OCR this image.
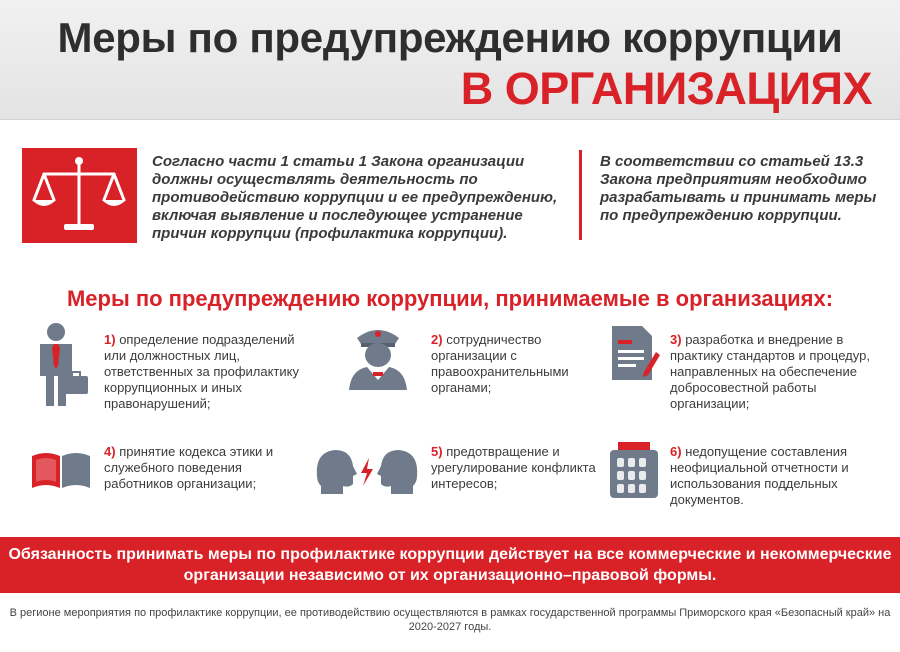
Меры по предупреждению коррупции
В ОРГАНИЗАЦИЯХ
Согласно части 1 статьи 1 Закона организации должны осуществлять деятельность по противодействию коррупции и ее предупреждению, включая выявление и последующее устранение причин коррупции (профилактика коррупции).
В соответствии со статьей 13.3 Закона предприятиям необходимо разрабатывать и принимать меры по предупреждению коррупции.
Меры по предупреждению коррупции, принимаемые в организациях:
1) определение подразделений или должностных лиц, ответственных за профилактику коррупционных и иных правонарушений;
2) сотрудничество организации с правоохранительными органами;
3) разработка и внедрение в практику стандартов и процедур, направленных на обеспечение добросовестной работы организации;
4) принятие кодекса этики и служебного поведения работников организации;
5) предотвращение и урегулирование конфликта интересов;
6) недопущение составления неофициальной отчетности и использования поддельных документов.
Обязанность принимать меры по профилактике коррупции действует на все коммерческие и некоммерческие организации независимо от их организационно–правовой формы.
В регионе мероприятия по профилактике коррупции, ее противодействию осуществляются в рамках государственной программы Приморского края «Безопасный край» на 2020-2027 годы.
